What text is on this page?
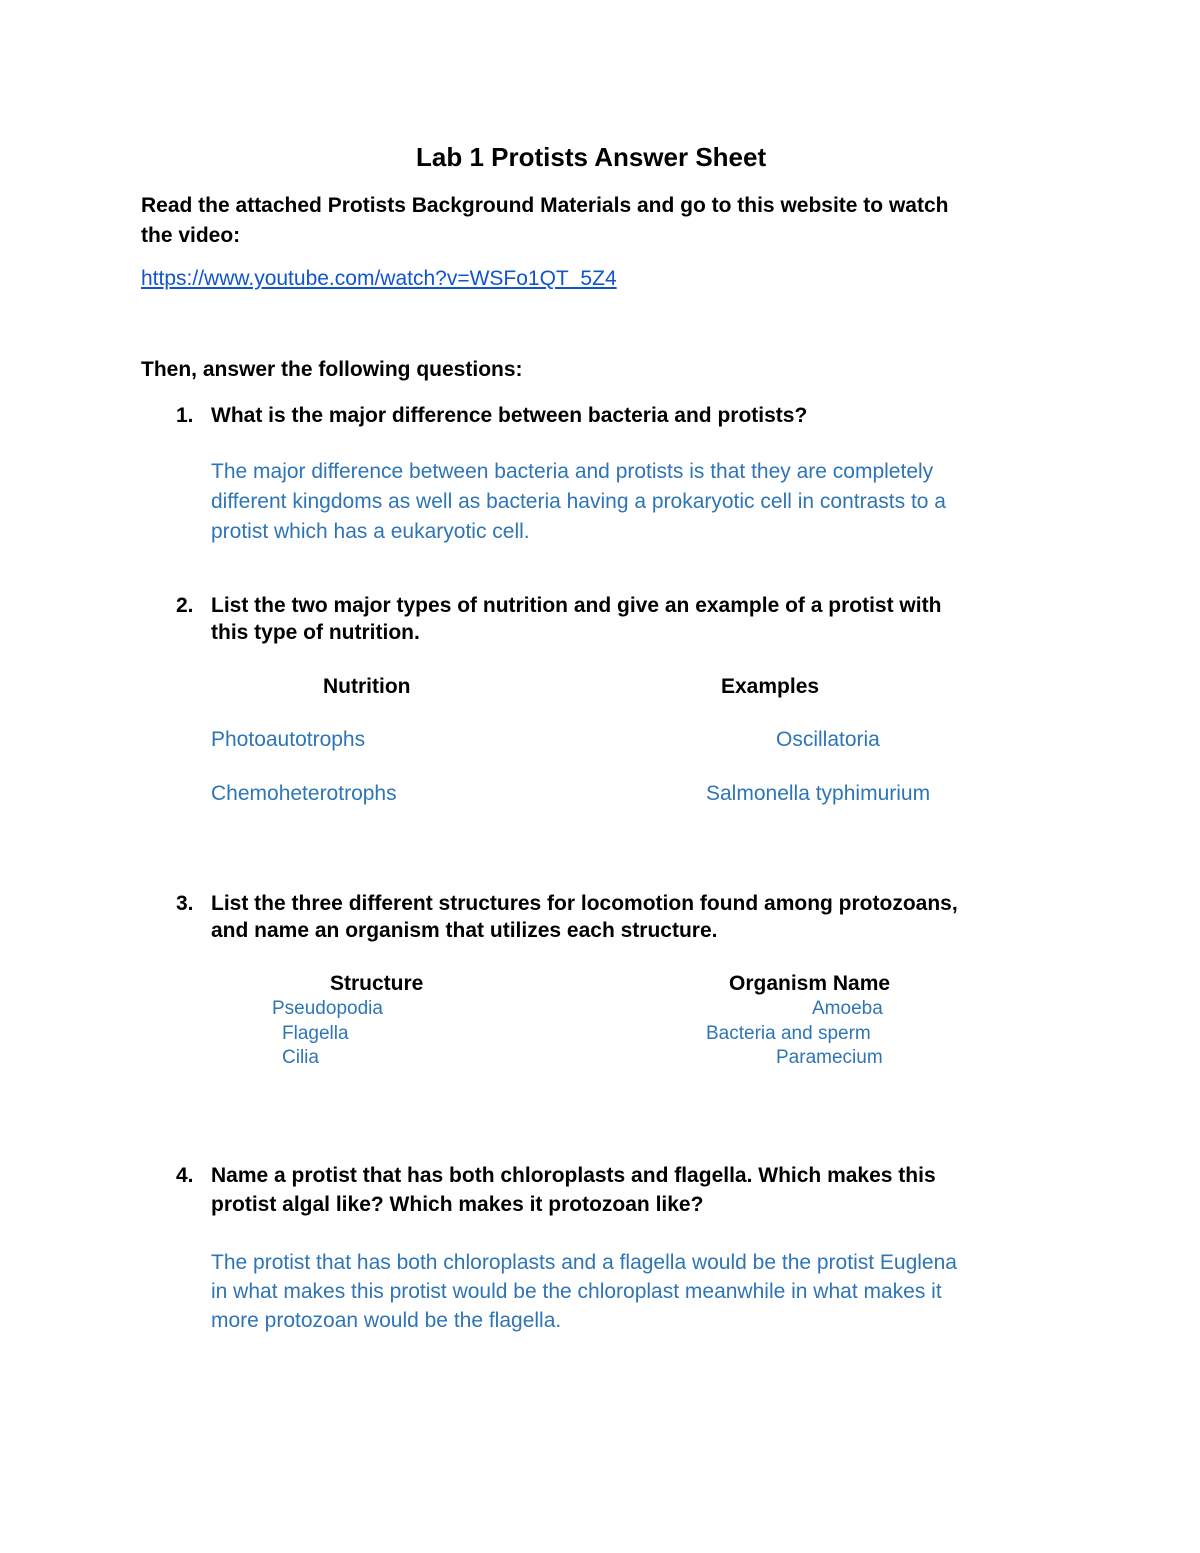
Lab 1 Protists Answer Sheet
Read the attached Protists Background Materials and go to this website to watch
the video:
https://www.youtube.com/watch?v=WSFo1QT_5Z4
Then, answer the following questions:
1. What is the major difference between bacteria and protists?
The major difference between bacteria and protists is that they are completely
different kingdoms as well as bacteria having a prokaryotic cell in contrasts to a
protist which has a eukaryotic cell.
2. List the two major types of nutrition and give an example of a protist with
this type of nutrition.
Nutrition	Examples
Photoautotrophs	Oscillatoria
Chemoheterotrophs	Salmonella typhimurium
3. List the three different structures for locomotion found among protozoans,
and name an organism that utilizes each structure.
Structure	Organism Name
Pseudopodia	Amoeba
Flagella	Bacteria and sperm
Cilia	Paramecium
4. Name a protist that has both chloroplasts and flagella. Which makes this
protist algal like? Which makes it protozoan like?
The protist that has both chloroplasts and a flagella would be the protist Euglena
in what makes this protist would be the chloroplast meanwhile in what makes it
more protozoan would be the flagella.
